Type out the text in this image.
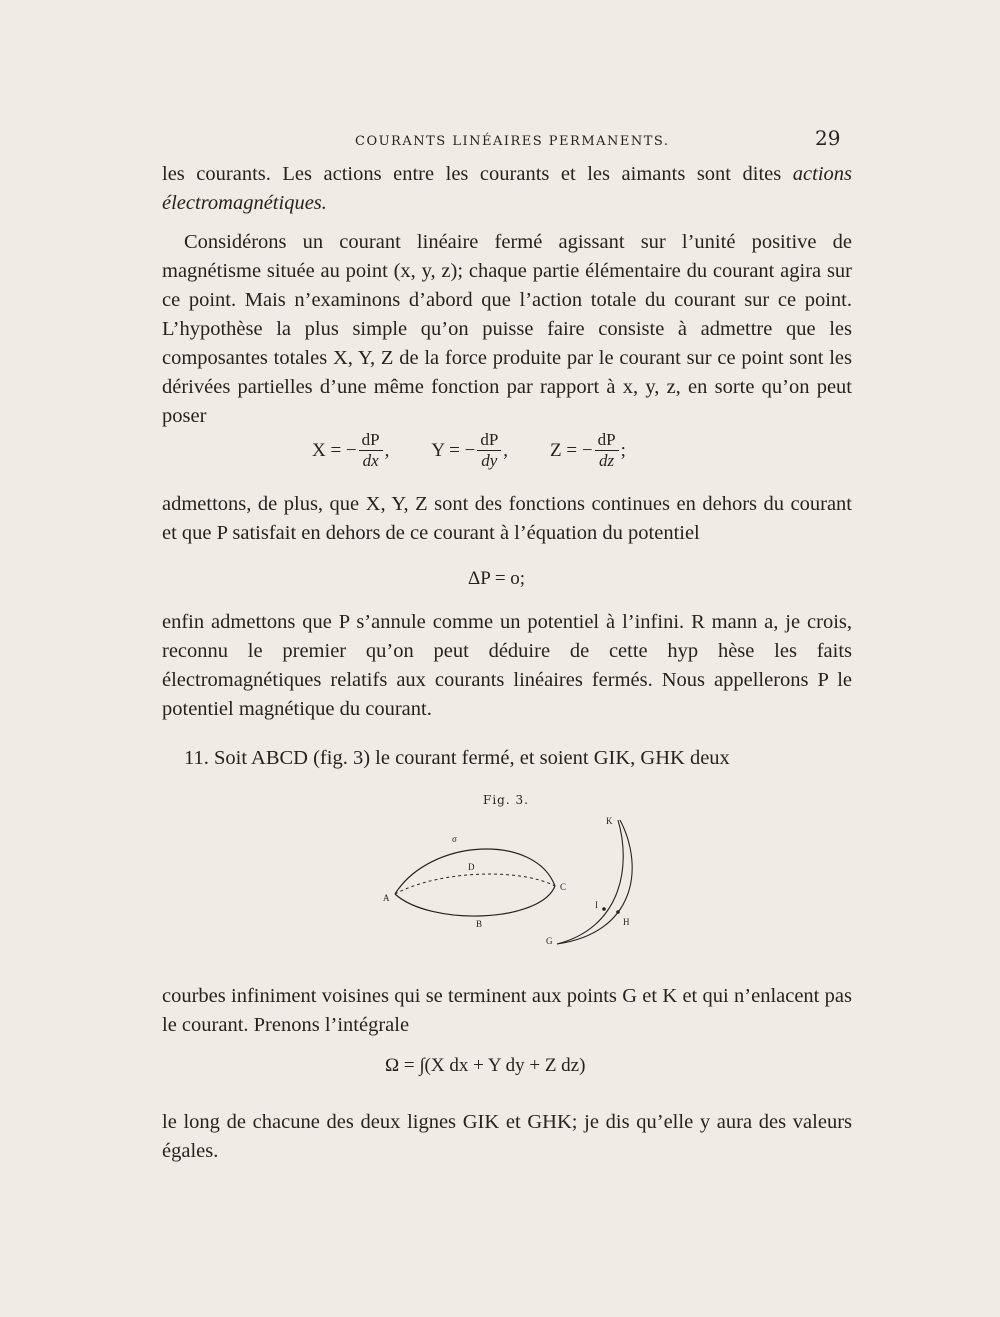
COURANTS LINÉAIRES PERMANENTS.	29
les courants. Les actions entre les courants et les aimants sont dites actions électromagnétiques.
Considérons un courant linéaire fermé agissant sur l’unité positive de magnétisme située au point (x, y, z); chaque partie élémentaire du courant agira sur ce point. Mais n’examinons d’abord que l’action totale du courant sur ce point. L’hypothèse la plus simple qu’on puisse faire consiste à admettre que les composantes totales X, Y, Z de la force produite par le courant sur ce point sont les dérivées partielles d’une même fonction par rapport à x, y, z, en sorte qu’on peut poser
X = − $\frac{dP}{dx}$ , Y = − $\frac{dP}{dy}$ , Z = − $\frac{dP}{dz}$ ;
admettons, de plus, que X, Y, Z sont des fonctions continues en dehors du courant et que P satisfait en dehors de ce courant à l’équation du potentiel
ΔP = o;
enfin admettons que P s’annule comme un potentiel à l’infini. R mann a, je crois, reconnu le premier qu’on peut déduire de cette hyp hèse les faits électromagnétiques relatifs aux courants linéaires fermés. Nous appellerons P le potentiel magnétique du courant.
11. Soit ABCD (fig. 3) le courant fermé, et soient GIK, GHK deux
Fig. 3.
σ
D
A
C
B
K
I
H
G
courbes infiniment voisines qui se terminent aux points G et K et qui n’enlacent pas le courant. Prenons l’intégrale
Ω = ∫(X dx + Y dy + Z dz)
le long de chacune des deux lignes GIK et GHK; je dis qu’elle y aura des valeurs égales.
